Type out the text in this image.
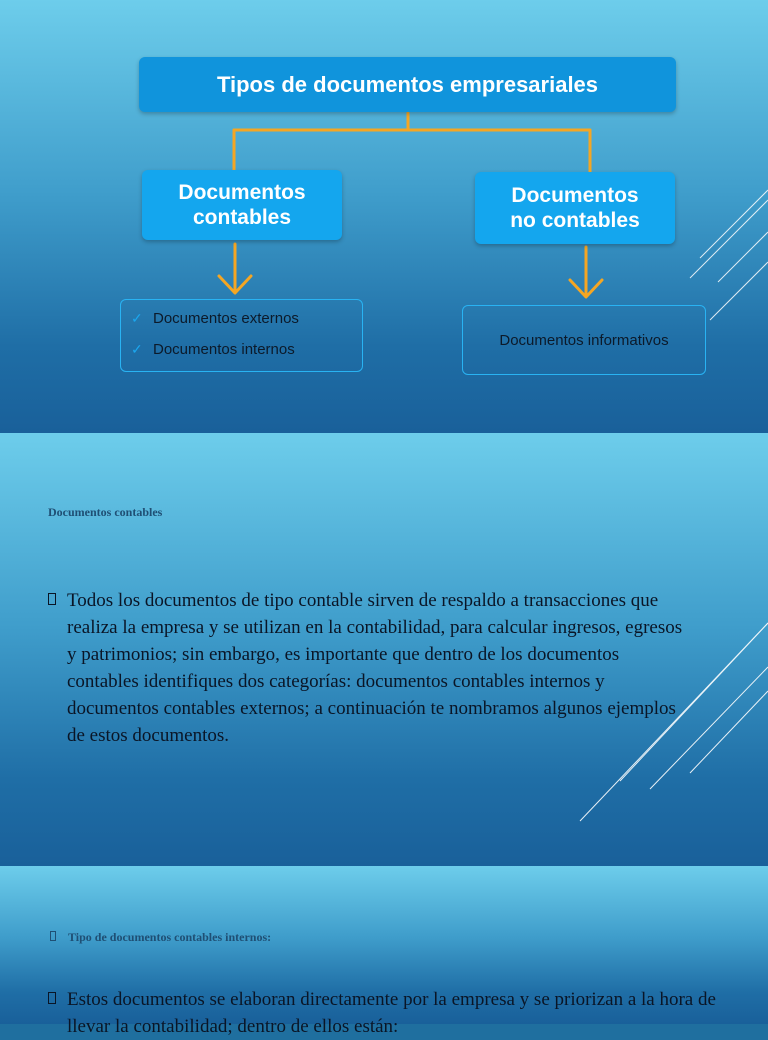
Tipos de documentos empresariales
Documentos
contables
Documentos
no contables
✓ Documentos externos
✓ Documentos internos
Documentos informativos
Documentos contables
Todos los documentos de tipo contable sirven de respaldo a transacciones que realiza la empresa y se utilizan en la contabilidad, para calcular ingresos, egresos y patrimonios; sin embargo, es importante que dentro de los documentos contables identifiques dos categorías: documentos contables internos y documentos contables externos; a continuación te nombramos algunos ejemplos de estos documentos.
Tipo de documentos contables internos:
Estos documentos se elaboran directamente por la empresa y se priorizan a la hora de llevar la contabilidad; dentro de ellos están:
